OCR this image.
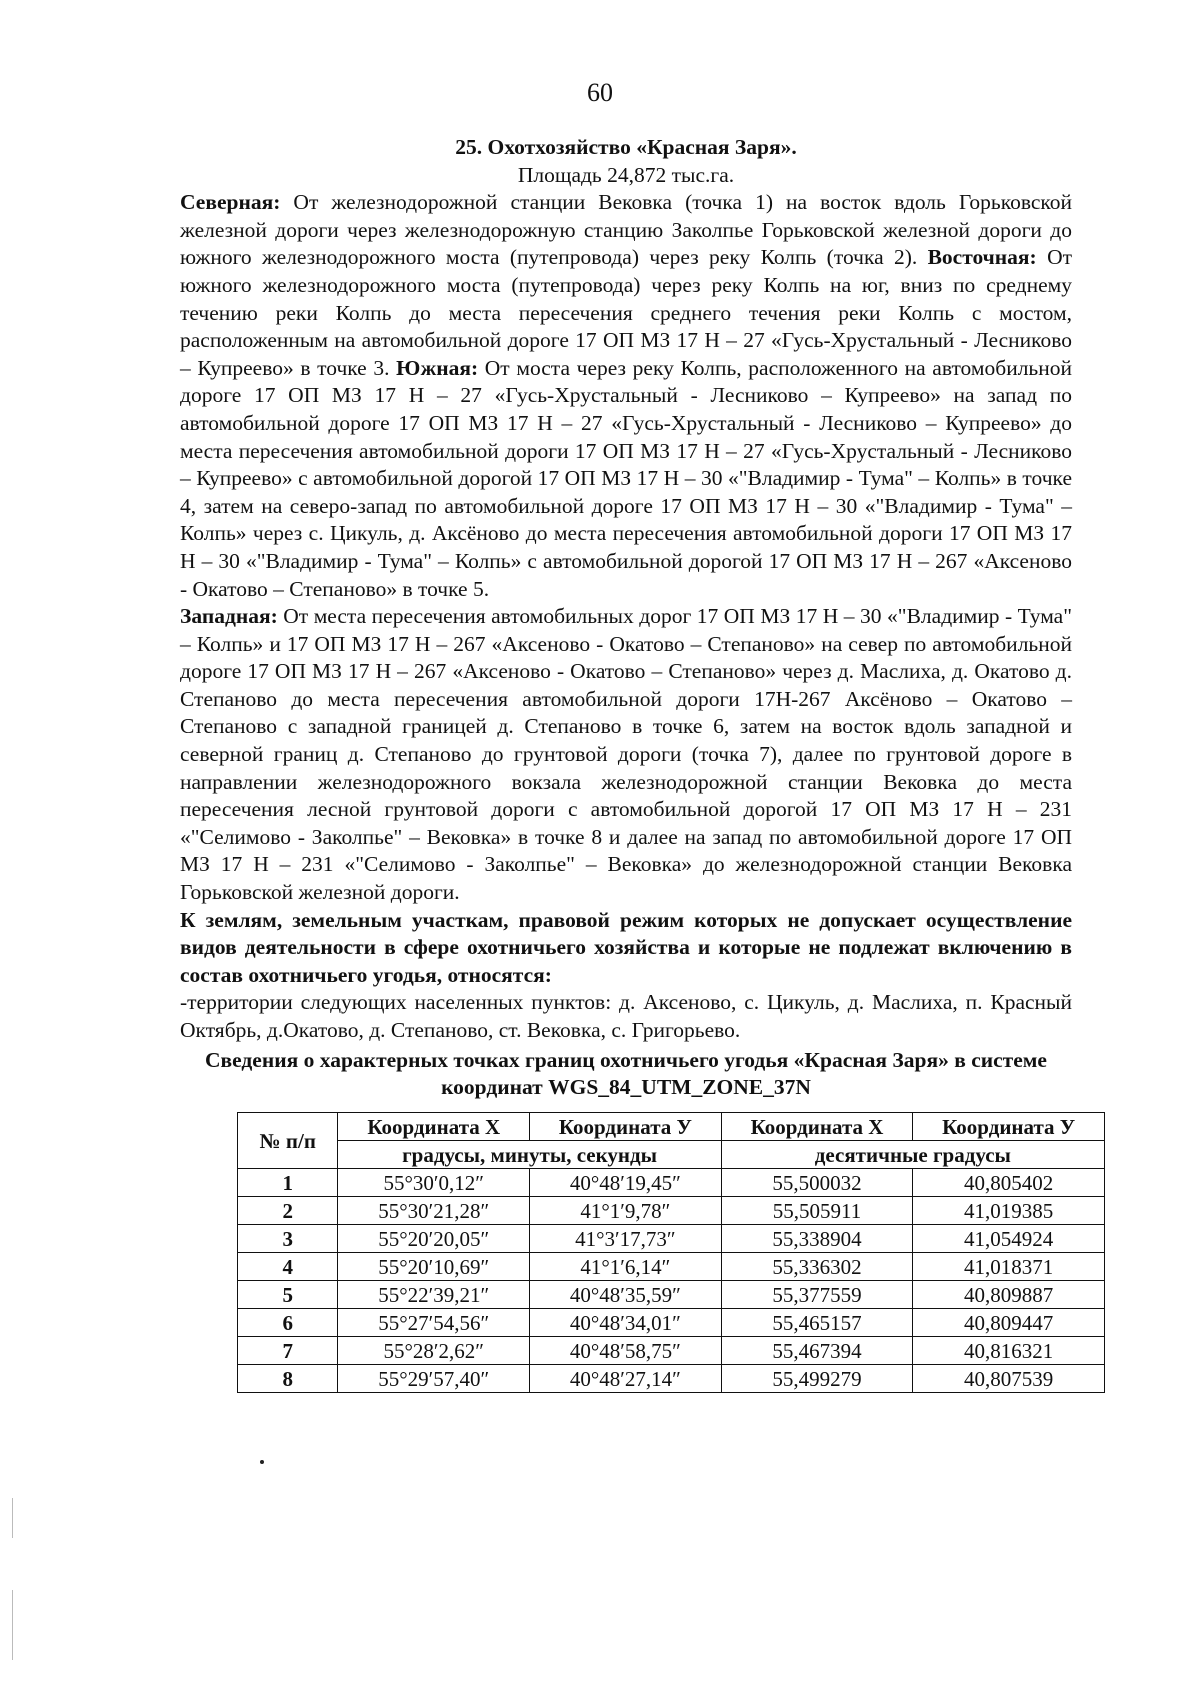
60

25. Охотхозяйство «Красная Заря».

Площадь 24,872 тыс.га.

Северная: От железнодорожной станции Вековка (точка 1) на восток вдоль Горьковской железной дороги через железнодорожную станцию Заколпье Горьковской железной дороги до южного железнодорожного моста (путепровода) через реку Колпь (точка 2). Восточная: От южного железнодорожного моста (путепровода) через реку Колпь на юг, вниз по среднему течению реки Колпь до места пересечения среднего течения реки Колпь с мостом, расположенным на автомобильной дороге 17 ОП МЗ 17 Н – 27 «Гусь-Хрустальный - Лесниково – Купреево» в точке 3. Южная: От моста через реку Колпь, расположенного на автомобильной дороге 17 ОП МЗ 17 Н – 27 «Гусь-Хрустальный - Лесниково – Купреево» на запад по автомобильной дороге 17 ОП МЗ 17 Н – 27 «Гусь-Хрустальный - Лесниково – Купреево» до места пересечения автомобильной дороги 17 ОП МЗ 17 Н – 27 «Гусь-Хрустальный - Лесниково – Купреево» с автомобильной дорогой 17 ОП МЗ 17 Н – 30 «"Владимир - Тума" – Колпь» в точке 4, затем на северо-запад по автомобильной дороге 17 ОП МЗ 17 Н – 30 «"Владимир - Тума" – Колпь» через с. Цикуль, д. Аксёново до места пересечения автомобильной дороги 17 ОП МЗ 17 Н – 30 «"Владимир - Тума" – Колпь» с автомобильной дорогой 17 ОП МЗ 17 Н – 267 «Аксеново - Окатово – Степаново» в точке 5.

Западная: От места пересечения автомобильных дорог 17 ОП МЗ 17 Н – 30 «"Владимир - Тума" – Колпь» и 17 ОП МЗ 17 Н – 267 «Аксеново - Окатово – Степаново» на север по автомобильной дороге 17 ОП МЗ 17 Н – 267 «Аксеново - Окатово – Степаново» через д. Маслиха, д. Окатово д. Степаново до места пересечения автомобильной дороги 17Н-267 Аксёново – Окатово – Степаново с западной границей д. Степаново в точке 6, затем на восток вдоль западной и северной границ д. Степаново до грунтовой дороги (точка 7), далее по грунтовой дороге в направлении железнодорожного вокзала железнодорожной станции Вековка до места пересечения лесной грунтовой дороги с автомобильной дорогой 17 ОП МЗ 17 Н – 231 «"Селимово - Заколпье" – Вековка» в точке 8 и далее на запад по автомобильной дороге 17 ОП МЗ 17 Н – 231 «"Селимово - Заколпье" – Вековка» до железнодорожной станции Вековка Горьковской железной дороги.

К землям, земельным участкам, правовой режим которых не допускает осуществление видов деятельности в сфере охотничьего хозяйства и которые не подлежат включению в состав охотничьего угодья, относятся:

-территории следующих населенных пунктов: д. Аксеново, с. Цикуль, д. Маслиха, п. Красный Октябрь, д.Окатово, д. Степаново, ст. Вековка, с. Григорьево.

Сведения о характерных точках границ охотничьего угодья «Красная Заря» в системе координат WGS_84_UTM_ZONE_37N

№ п/п	Координата X	Координата У	Координата X	Координата У
	градусы, минуты, секунды		десятичные градусы	
1	55°30′0,12″	40°48′19,45″	55,500032	40,805402
2	55°30′21,28″	41°1′9,78″	55,505911	41,019385
3	55°20′20,05″	41°3′17,73″	55,338904	41,054924
4	55°20′10,69″	41°1′6,14″	55,336302	41,018371
5	55°22′39,21″	40°48′35,59″	55,377559	40,809887
6	55°27′54,56″	40°48′34,01″	55,465157	40,809447
7	55°28′2,62″	40°48′58,75″	55,467394	40,816321
8	55°29′57,40″	40°48′27,14″	55,499279	40,807539
